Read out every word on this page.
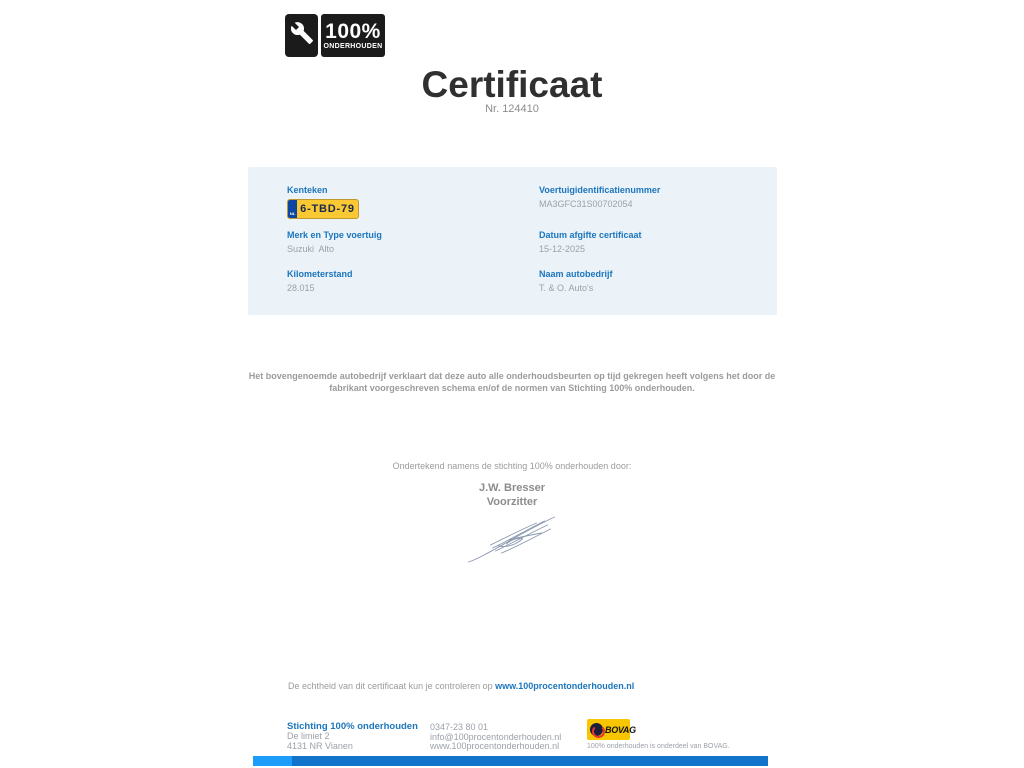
100%
ONDERHOUDEN
Certificaat
Nr. 124410
Kenteken
NL 6-TBD-79
Merk en Type voertuig
Suzuki  Alto
Kilometerstand
28.015
Voertuigidentificatienummer
MA3GFC31S00702054
Datum afgifte certificaat
15-12-2025
Naam autobedrijf
T. & O. Auto's
Het bovengenoemde autobedrijf verklaart dat deze auto alle onderhoudsbeurten op tijd gekregen heeft volgens het door de fabrikant voorgeschreven schema en/of de normen van Stichting 100% onderhouden.
Ondertekend namens de stichting 100% onderhouden door:
J.W. Bresser
Voorzitter
De echtheid van dit certificaat kun je controleren op www.100procentonderhouden.nl
Stichting 100% onderhouden
De limiet 2
4131 NR Vianen
0347-23 80 01
info@100procentonderhouden.nl
www.100procentonderhouden.nl
BOVAG
100% onderhouden is onderdeel van BOVAG.
